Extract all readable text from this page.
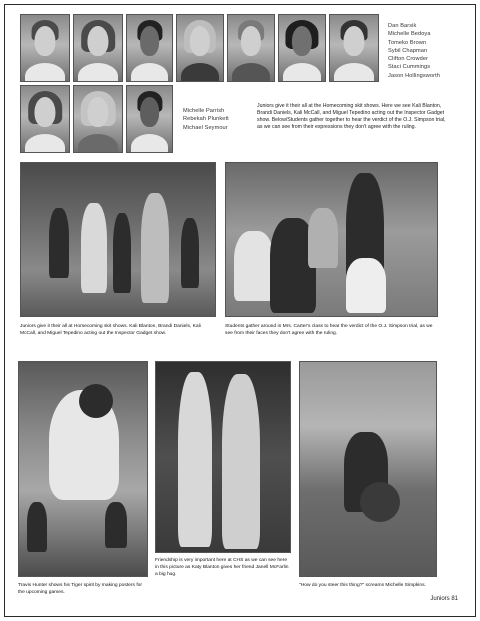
Dan Barsik
Michelle Bedoya
Tomeko Brown
Sybil Chapman
Clifton Crowder
Staci Cummings
Jason Hollingsworth
Michelle Parrish
Rebekah Plunkett
Michael Seymour
Juniors give it their all at the Homecoming skit shows. Here we see Kali Blanton, Brandi Daniels, Kali McCall, and Miguel Tepedino acting out the Inspector Gadget show. Below/Students gather together to hear the verdict of the O.J. Simpson trial, as we can see from their expressions they don't agree with the ruling.
Juniors give it their all at Homecoming skit shows. Kali Blanton, Brandi Daniels, Kali McCall, and Miguel Tepedino acting out the Inspector Gadget show.
Students gather around in Mrs. Carter's class to hear the verdict of the O.J. Simpson trial, as we see from their faces they don't agree with the ruling.
Travis Hunter shows his Tiger spirit by making posters for the upcoming games.
Friendship is very important here at CHS as we can see here in this picture as Katy Blanton gives her friend Janell McFarlin a big hug.
"How do you steer this thing?" screams Michelle Simpkins.
Juniors 81
